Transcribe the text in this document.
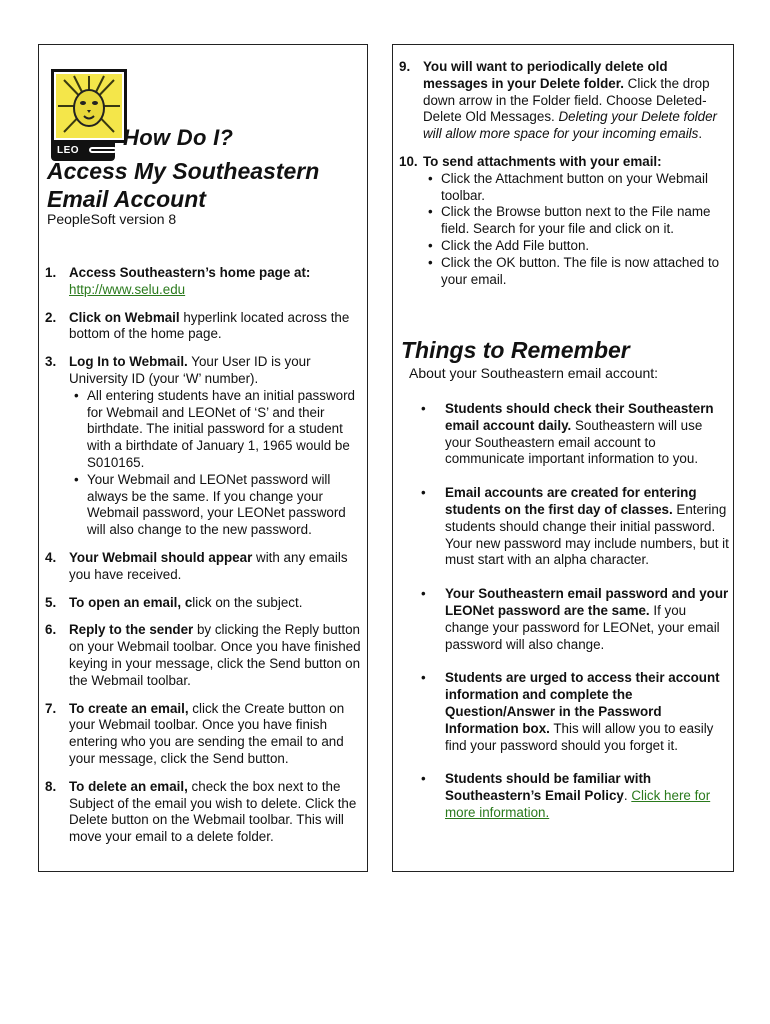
LEO
How Do I?
Access My Southeastern
Email Account
PeopleSoft version 8
1. Access Southeastern’s home page at:
http://www.selu.edu
2. Click on Webmail hyperlink located across the bottom of the home page.
3. Log In to Webmail. Your User ID is your University ID (your ‘W’ number).
• All entering students have an initial password for Webmail and LEONet of ‘S’ and their birthdate. The initial password for a student with a birthdate of January 1, 1965 would be S010165.
• Your Webmail and LEONet password will always be the same. If you change your Webmail password, your LEONet password will also change to the new password.
4. Your Webmail should appear with any emails you have received.
5. To open an email, click on the subject.
6. Reply to the sender by clicking the Reply button on your Webmail toolbar. Once you have finished keying in your message, click the Send button on the Webmail toolbar.
7. To create an email, click the Create button on your Webmail toolbar. Once you have finish entering who you are sending the email to and your message, click the Send button.
8. To delete an email, check the box next to the Subject of the email you wish to delete. Click the Delete button on the Webmail toolbar. This will move your email to a delete folder.
9. You will want to periodically delete old messages in your Delete folder. Click the drop down arrow in the Folder field. Choose Deleted-Delete Old Messages. Deleting your Delete folder will allow more space for your incoming emails.
10. To send attachments with your email:
• Click the Attachment button on your Webmail toolbar.
• Click the Browse button next to the File name field. Search for your file and click on it.
• Click the Add File button.
• Click the OK button. The file is now attached to your email.
Things to Remember
About your Southeastern email account:
• Students should check their Southeastern email account daily. Southeastern will use your Southeastern email account to communicate important information to you.
• Email accounts are created for entering students on the first day of classes. Entering students should change their initial password. Your new password may include numbers, but it must start with an alpha character.
• Your Southeastern email password and your LEONet password are the same. If you change your password for LEONet, your email password will also change.
• Students are urged to access their account information and complete the Question/Answer in the Password Information box. This will allow you to easily find your password should you forget it.
• Students should be familiar with Southeastern’s Email Policy. Click here for more information.
